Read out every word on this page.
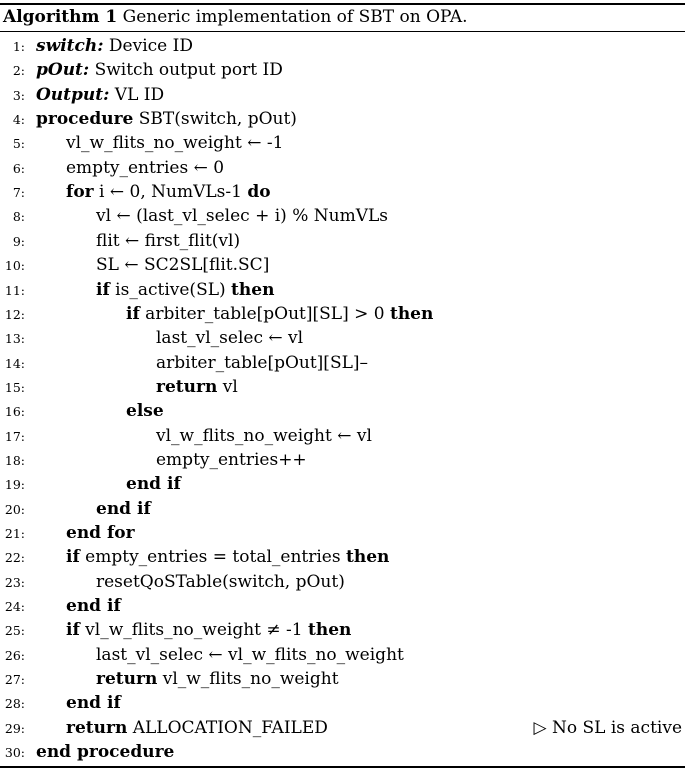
Algorithm 1 Generic implementation of SBT on OPA.
1: switch: Device ID
2: pOut: Switch output port ID
3: Output: VL ID
4: procedure SBT(switch, pOut)
5: vl_w_flits_no_weight ← -1
6: empty_entries ← 0
7: for i ← 0, NumVLs-1 do
8:	vl ← (last_vl_selec + i) % NumVLs
9:	flit ← first_flit(vl)
10:	SL ← SC2SL[flit.SC]
11:	if is_active(SL) then
12:	if arbiter_table[pOut][SL] > 0 then
13:	last_vl_selec ← vl
14:	arbiter_table[pOut][SL]–
15:	return vl
16:	else
17:	vl_w_flits_no_weight ← vl
18:	empty_entries++
19:	end if
20:	end if
21: end for
22: if empty_entries = total_entries then
23:	resetQoSTable(switch, pOut)
24: end if
25: if vl_w_flits_no_weight ≠ -1 then
26:	last_vl_selec ← vl_w_flits_no_weight
27:	return vl_w_flits_no_weight
28: end if
29: return ALLOCATION_FAILED	▷ No SL is active
30: end procedure
